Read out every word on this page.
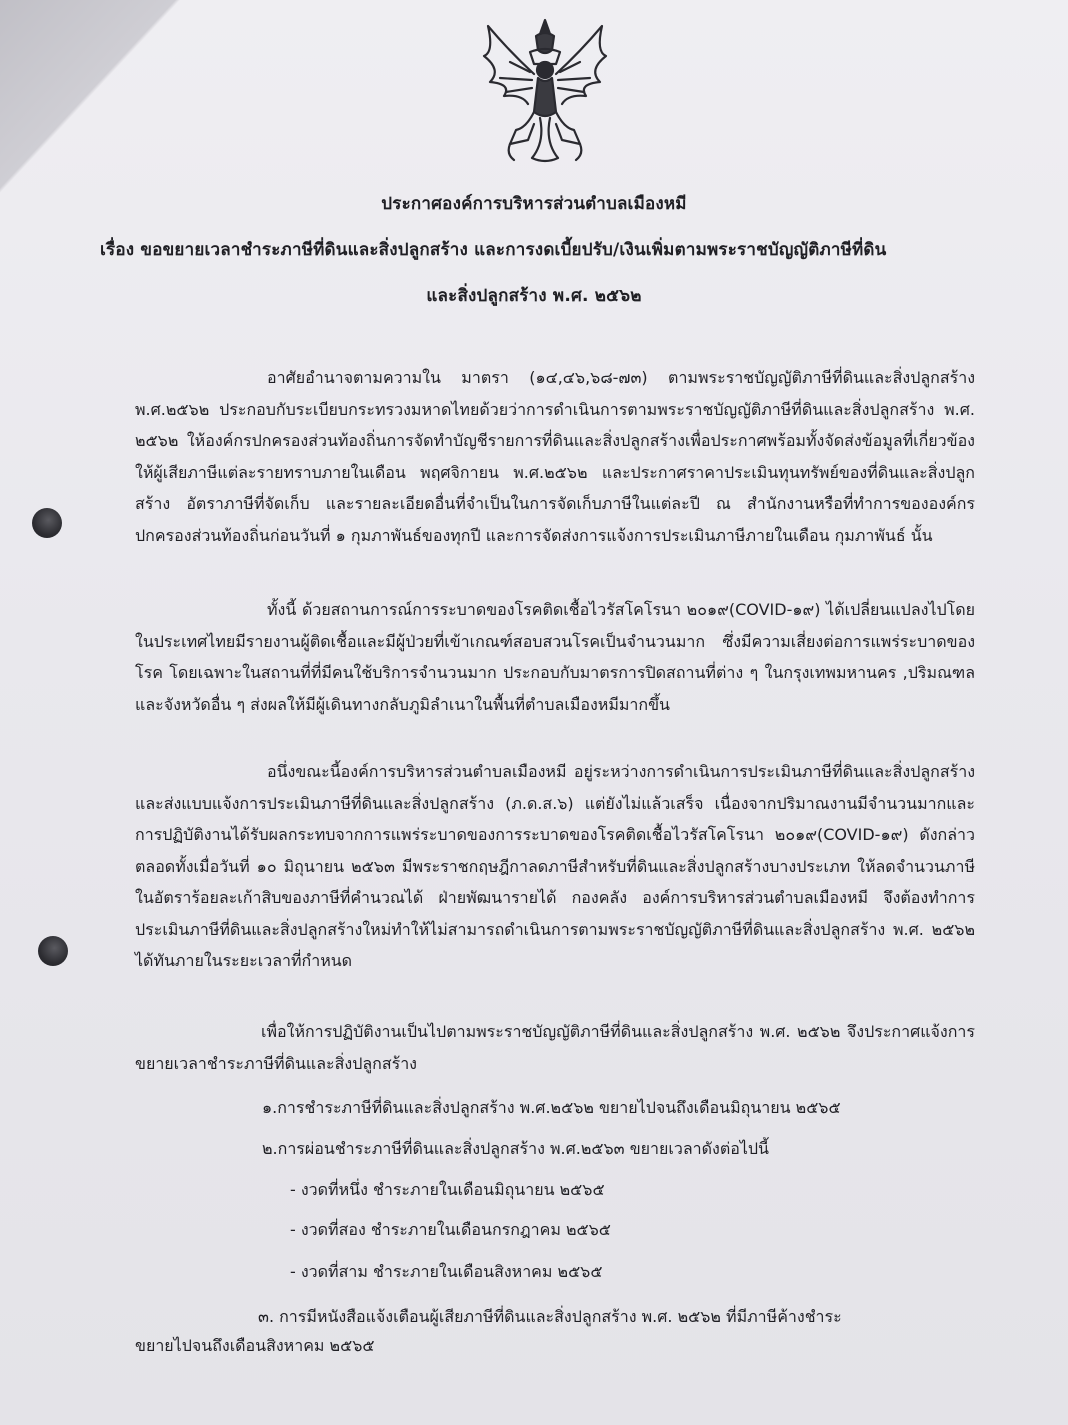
ประกาศองค์การบริหารส่วนตำบลเมืองหมี
เรื่อง ขอขยายเวลาชำระภาษีที่ดินและสิ่งปลูกสร้าง และการงดเบี้ยปรับ/เงินเพิ่มตามพระราชบัญญัติภาษีที่ดิน
และสิ่งปลูกสร้าง พ.ศ. ๒๕๖๒
อาศัยอำนาจตามความใน มาตรา (๑๔,๔๖,๖๘-๗๓) ตามพระราชบัญญัติภาษีที่ดินและสิ่งปลูกสร้าง พ.ศ.๒๕๖๒ ประกอบกับระเบียบกระทรวงมหาดไทยด้วยว่าการดำเนินการตามพระราชบัญญัติภาษีที่ดินและสิ่งปลูกสร้าง พ.ศ. ๒๕๖๒ ให้องค์กรปกครองส่วนท้องถิ่นการจัดทำบัญชีรายการที่ดินและสิ่งปลูกสร้างเพื่อประกาศพร้อมทั้งจัดส่งข้อมูลที่เกี่ยวข้องให้ผู้เสียภาษีแต่ละรายทราบภายในเดือน พฤศจิกายน พ.ศ.๒๕๖๒ และประกาศราคาประเมินทุนทรัพย์ของที่ดินและสิ่งปลูกสร้าง อัตราภาษีที่จัดเก็บ และรายละเอียดอื่นที่จำเป็นในการจัดเก็บภาษีในแต่ละปี ณ สำนักงานหรือที่ทำการขององค์กรปกครองส่วนท้องถิ่นก่อนวันที่ ๑ กุมภาพันธ์ของทุกปี และการจัดส่งการแจ้งการประเมินภาษีภายในเดือน กุมภาพันธ์ นั้น
ทั้งนี้ ด้วยสถานการณ์การระบาดของโรคติดเชื้อไวรัสโคโรนา ๒๐๑๙(COVID-๑๙) ได้เปลี่ยนแปลงไปโดยในประเทศไทยมีรายงานผู้ติดเชื้อและมีผู้ป่วยที่เข้าเกณฑ์สอบสวนโรคเป็นจำนวนมาก ซึ่งมีความเสี่ยงต่อการแพร่ระบาดของโรค โดยเฉพาะในสถานที่ที่มีคนใช้บริการจำนวนมาก ประกอบกับมาตรการปิดสถานที่ต่าง ๆ ในกรุงเทพมหานคร ,ปริมณฑลและจังหวัดอื่น ๆ ส่งผลให้มีผู้เดินทางกลับภูมิลำเนาในพื้นที่ตำบลเมืองหมีมากขึ้น
อนึ่งขณะนี้องค์การบริหารส่วนตำบลเมืองหมี อยู่ระหว่างการดำเนินการประเมินภาษีที่ดินและสิ่งปลูกสร้าง และส่งแบบแจ้งการประเมินภาษีที่ดินและสิ่งปลูกสร้าง (ภ.ด.ส.๖) แต่ยังไม่แล้วเสร็จ เนื่องจากปริมาณงานมีจำนวนมากและการปฏิบัติงานได้รับผลกระทบจากการแพร่ระบาดของการระบาดของโรคติดเชื้อไวรัสโคโรนา ๒๐๑๙(COVID-๑๙) ดังกล่าว ตลอดทั้งเมื่อวันที่ ๑๐ มิถุนายน ๒๕๖๓ มีพระราชกฤษฎีกาลดภาษีสำหรับที่ดินและสิ่งปลูกสร้างบางประเภท ให้ลดจำนวนภาษีในอัตราร้อยละเก้าสิบของภาษีที่คำนวณได้ ฝ่ายพัฒนารายได้ กองคลัง องค์การบริหารส่วนตำบลเมืองหมี จึงต้องทำการประเมินภาษีที่ดินและสิ่งปลูกสร้างใหม่ทำให้ไม่สามารถดำเนินการตามพระราชบัญญัติภาษีที่ดินและสิ่งปลูกสร้าง พ.ศ. ๒๕๖๒ ได้ทันภายในระยะเวลาที่กำหนด
เพื่อให้การปฏิบัติงานเป็นไปตามพระราชบัญญัติภาษีที่ดินและสิ่งปลูกสร้าง พ.ศ. ๒๕๖๒ จึงประกาศแจ้งการขยายเวลาชำระภาษีที่ดินและสิ่งปลูกสร้าง
๑.การชำระภาษีที่ดินและสิ่งปลูกสร้าง พ.ศ.๒๕๖๒ ขยายไปจนถึงเดือนมิถุนายน ๒๕๖๕
๒.การผ่อนชำระภาษีที่ดินและสิ่งปลูกสร้าง พ.ศ.๒๕๖๓ ขยายเวลาดังต่อไปนี้
- งวดที่หนึ่ง ชำระภายในเดือนมิถุนายน ๒๕๖๕
- งวดที่สอง ชำระภายในเดือนกรกฎาคม ๒๕๖๕
- งวดที่สาม ชำระภายในเดือนสิงหาคม ๒๕๖๕
๓. การมีหนังสือแจ้งเตือนผู้เสียภาษีที่ดินและสิ่งปลูกสร้าง พ.ศ. ๒๕๖๒ ที่มีภาษีค้างชำระ
ขยายไปจนถึงเดือนสิงหาคม ๒๕๖๕
